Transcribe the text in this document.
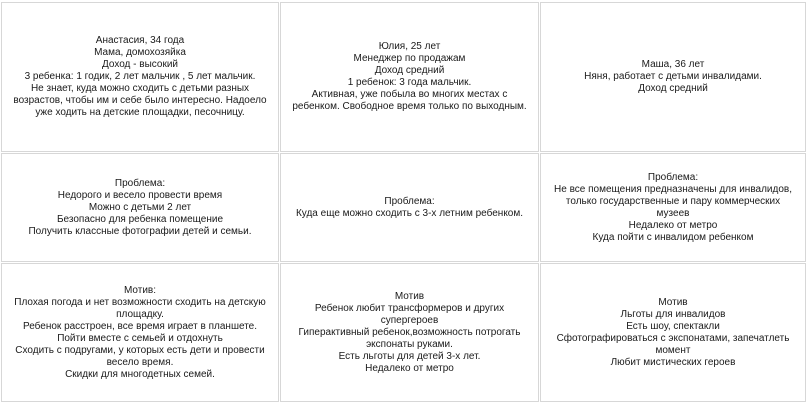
Анастасия, 34 года
Мама, домохозяйка
Доход - высокий
3 ребенка: 1 годик, 2 лет мальчик , 5 лет мальчик.
Не знает, куда можно сходить с детьми разных возрастов, чтобы им и себе было интересно. Надоело уже ходить на детские площадки, песочницу.
Юлия, 25 лет
Менеджер по продажам
Доход средний
1 ребенок: 3 года мальчик.
Активная, уже побыла во многих местах с ребенком. Свободное время только по выходным.
Маша, 36 лет
Няня, работает с детьми инвалидами.
Доход средний
Проблема:
Недорого и весело провести время
Можно с детьми 2 лет
Безопасно для ребенка помещение
Получить классные фотографии детей и семьи.
Проблема:
Куда еще можно сходить с 3-х летним ребенком.
Проблема:
Не все помещения предназначены для инвалидов, только государственные и пару коммерческих музеев
Недалеко от метро
Куда пойти с инвалидом ребенком
Мотив:
Плохая погода и нет возможности сходить на детскую площадку.
Ребенок расстроен, все время играет в планшете.
Пойти вместе с семьей и отдохнуть
Сходить с подругами, у которых есть дети и провести весело время.
Скидки для многодетных семей.
Мотив
Ребенок любит трансформеров и других супергероев
Гиперактивный ребенок,возможность потрогать экспонаты руками.
Есть льготы для детей 3-х лет.
Недалеко от метро
Мотив
Льготы для инвалидов
Есть шоу, спектакли
Сфотографироваться с экспонатами, запечатлеть момент
Любит мистических героев
